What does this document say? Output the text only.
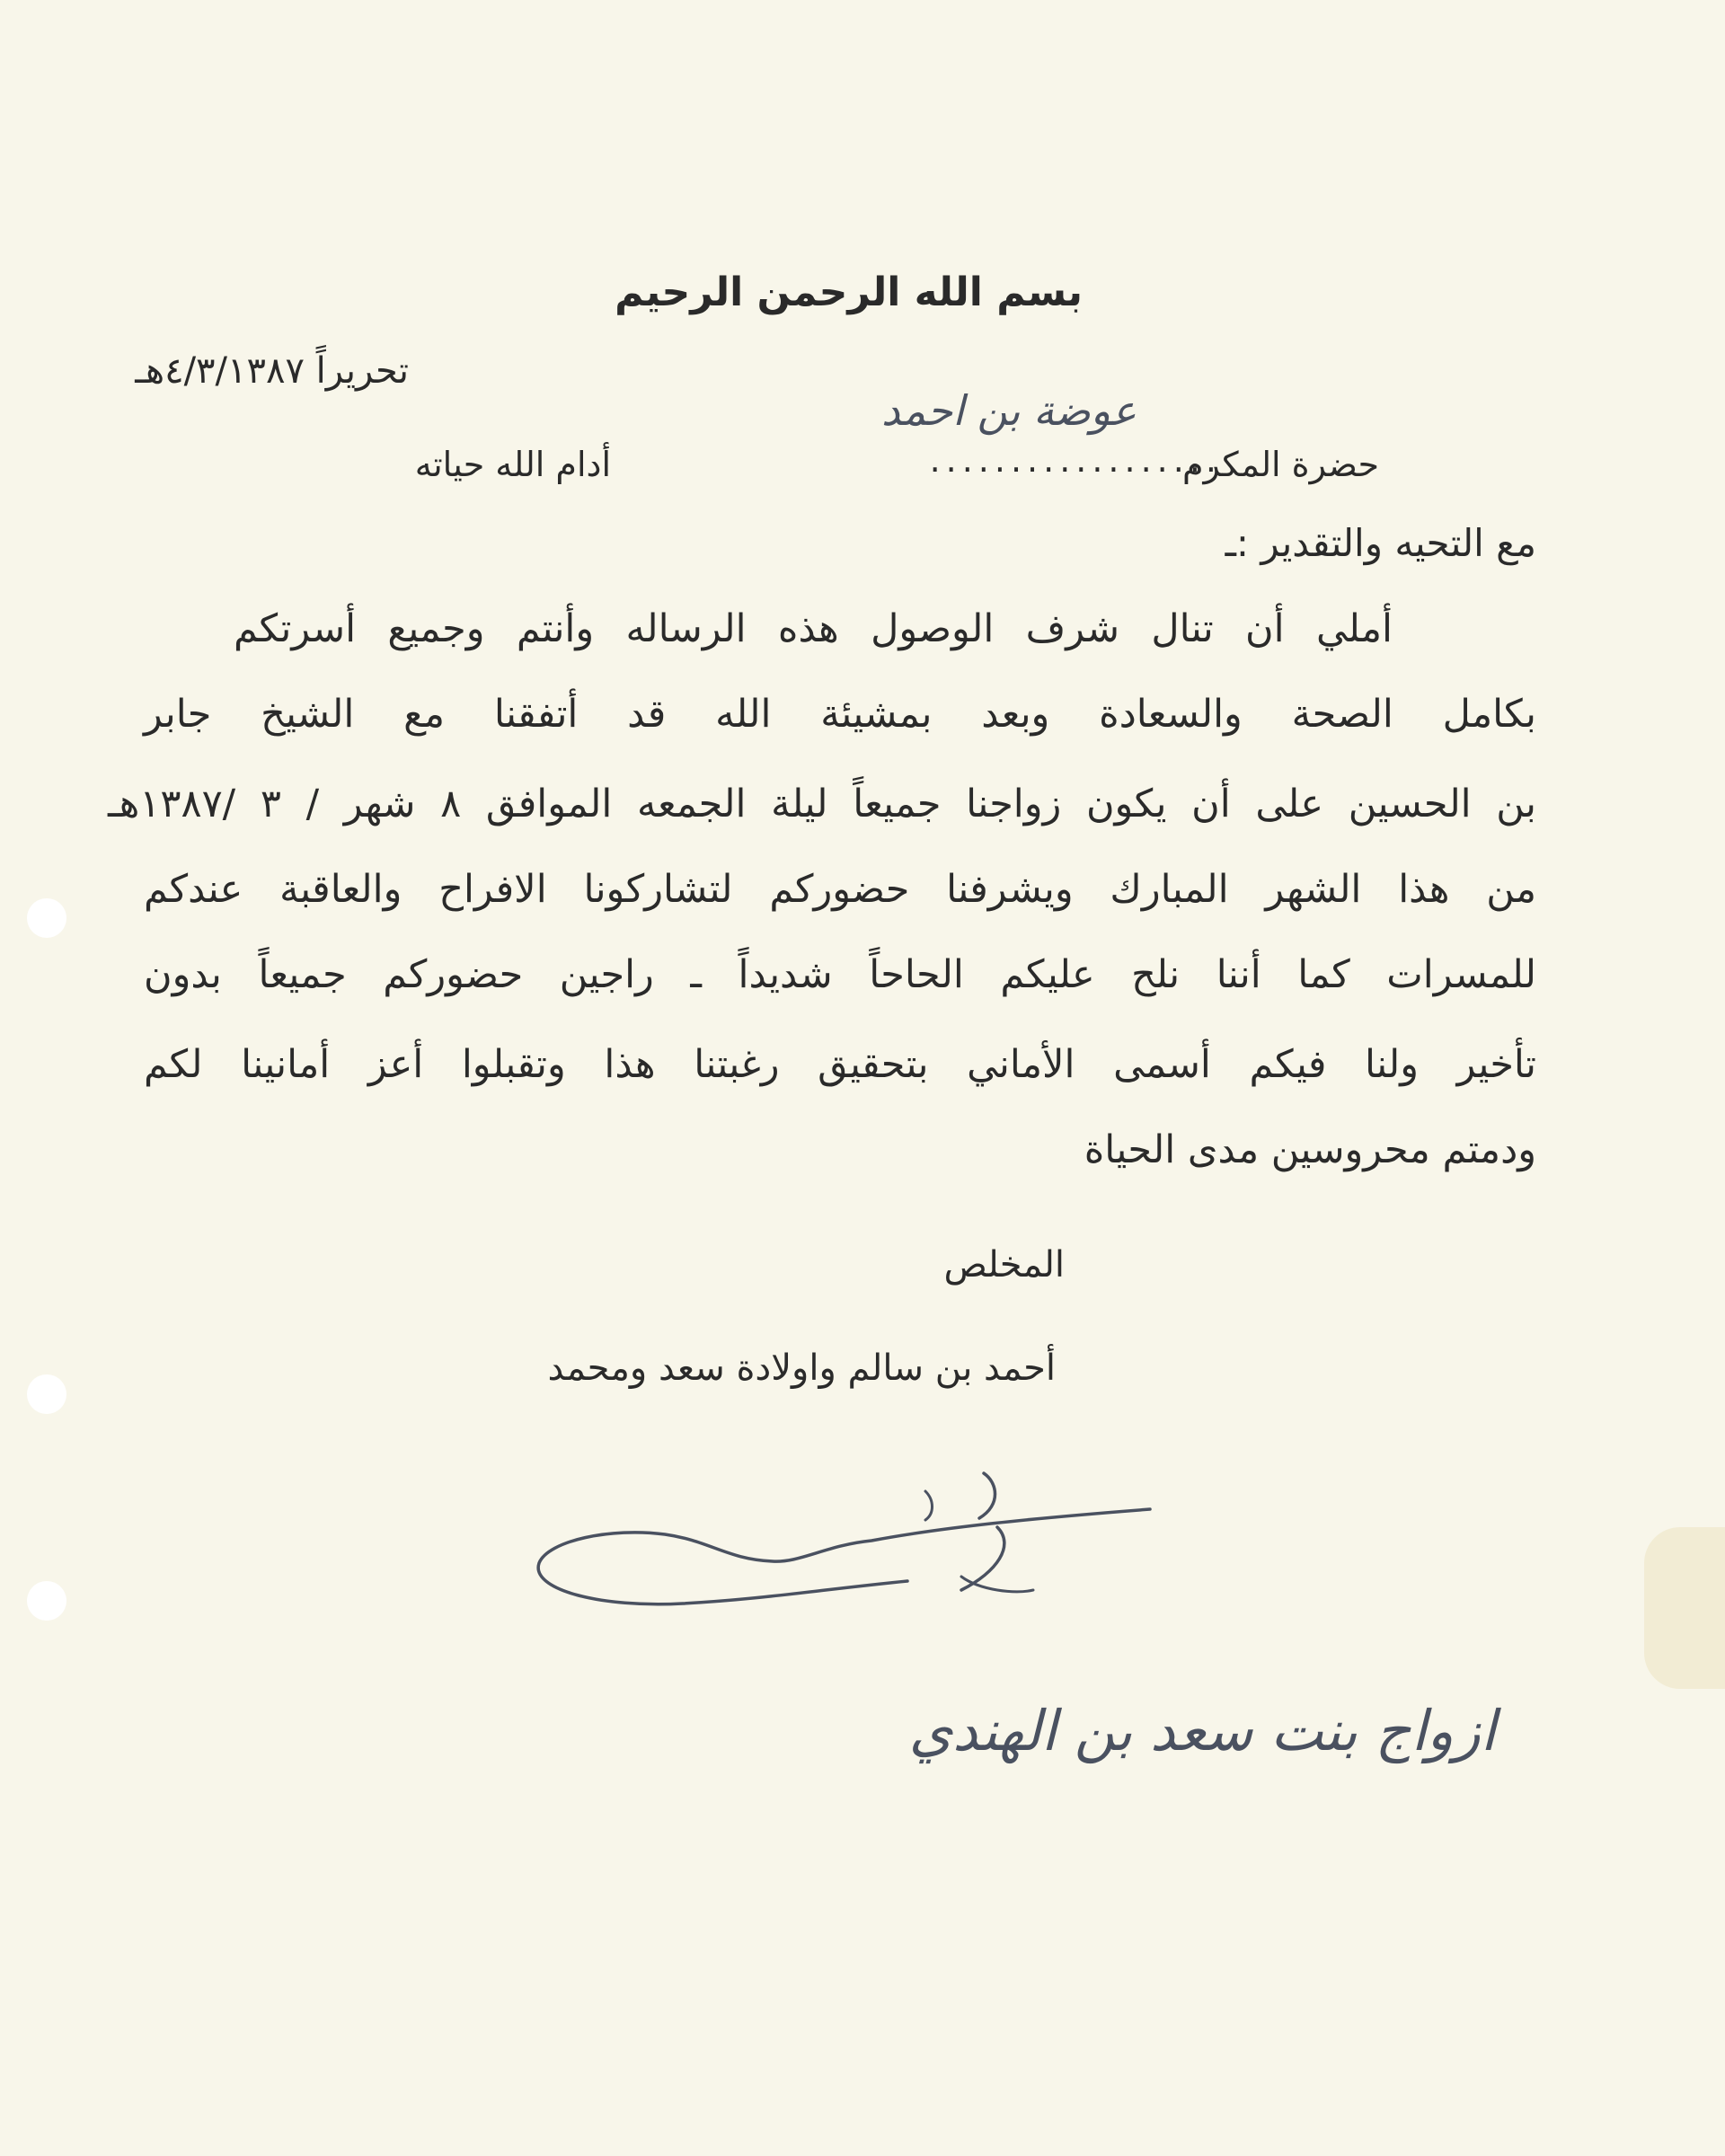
بسم الله الرحمن الرحيم
تحريراً ٤/٣/١٣٨٧هـ
عوضة بن احمد
حضرة المكرم
..................
أدام الله حياته
مع التحيه والتقدير :ـ
أملي أن تنال شرف الوصول هذه الرساله وأنتم وجميع أسرتكم
بكامل الصحة والسعادة وبعد بمشيئة الله قد أتفقنا مع الشيخ جابر
بن الحسين على أن يكون زواجنا جميعاً ليلة الجمعه الموافق ٨ شهر / ٣ /١٣٨٧هـ
من هذا الشهر المبارك ويشرفنا حضوركم لتشاركونا الافراح والعاقبة عندكم
للمسرات كما أننا نلح عليكم الحاحاً شديداً ـ راجين حضوركم جميعاً بدون
تأخير ولنا فيكم أسمى الأماني بتحقيق رغبتنا هذا وتقبلوا أعز أمانينا لكم
ودمتم محروسين مدى الحياة
المخلص
أحمد بن سالم واولادة سعد ومحمد
ازواج بنت سعد بن الهندي
